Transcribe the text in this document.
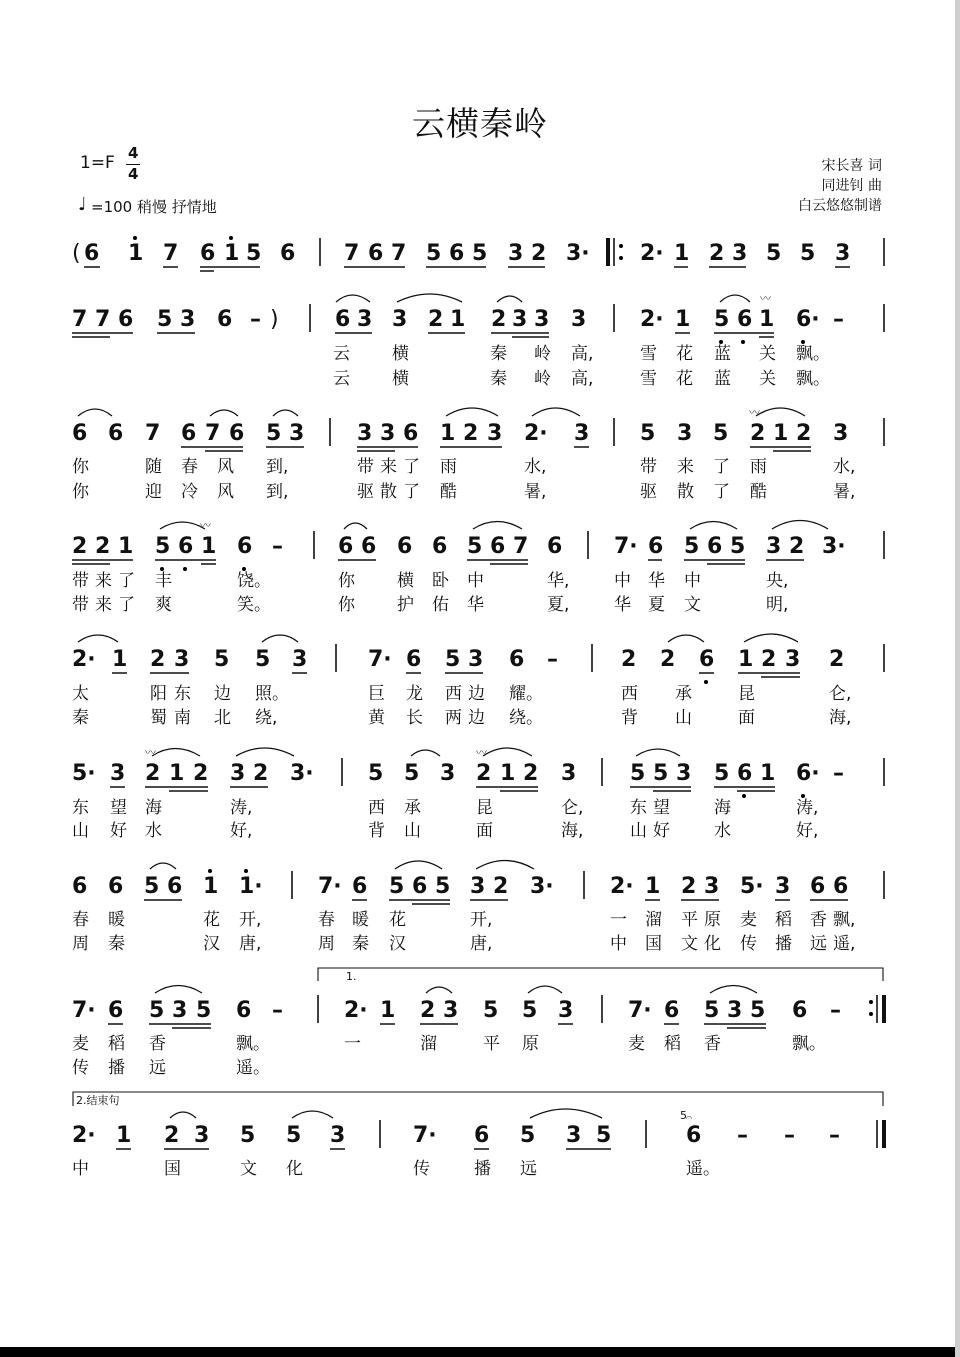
云横秦岭
1=F 4
4
♩ =100 稍慢 抒情地
宋长喜 词
同进钊 曲
白云悠悠制谱
( 6 1 7 6 1 5 6 7 6 7 5 6 5 3 2 3· 2· 1 2 3 5 5 3
7 7 6 5 3 6 – )	6 3 3 2 1 2 3 3 3 2· 1
〰
5 6 1 6· –
云 横	秦 岭 高,	雪 花 蓝 关 飘。
云 横	秦 岭 高,	雪 花 蓝 关 飘。
6 6 7 6 7 6 5 3 3 3 6 1 2 3 2· 3 5 3 5
〰
2 1 2 3
你	随 春 风 到,	带 来 了 雨	水,	带 来 了 雨	水,
你	迎 冷 风 到,	驱 散 了 酷	暑,	驱 散 了 酷	暑,
2 2 1
〰
5 6 1 6 –	6 6 6 6 5 6 7 6 7· 6 5 6 5 3 2 3·
带 来 了 丰	饶。	你 横 卧 中	华,	中 华 中	央,
带 来 了 爽	笑。	你 护 佑 华	夏,	华 夏 文	明,
2· 1 2 3 5 5 3	7· 6 5 3 6 –	2 2 6 1 2 3 2
太	阳 东 边 照。	巨 龙 西 边 耀。	西 承	昆	仑,
秦	蜀 南 北 绕,	黄 长 两 边 绕。	背 山	面	海,
5· 3
〰
2 1 2 3 2 3· 5 5 3
〰
2 1 2 3 5 5 3 5 6 1 6· –
东 望 海	涛,	西 承	昆	仑,	东 望	海	涛,
山 好 水	好,	背 山	面	海,	山 好	水	好,
6 6 5 6 1 1·	7· 6 5 6 5 3 2 3·	2· 1 2 3 5· 3 6 6
春 暖	花 开,	春 暖 花	开,	一 溜 平 原 麦 稻 香 飘,
周 秦	汉 唐,	周 秦 汉	唐,	中 国 文 化 传 播 远 遥,
1.
7· 6 5 3 5 6 –	2· 1 2 3 5 5 3 7· 6 5 3 5 6 –
麦 稻 香	飘。	一	溜	平 原	麦 稻 香	飘。
传 播 远	遥。
2.结束句
2· 1 2 3 5 5 3	7· 6 5 3 5
5 𝄐
6 – – –
中	国	文 化	传	播 远	遥。
